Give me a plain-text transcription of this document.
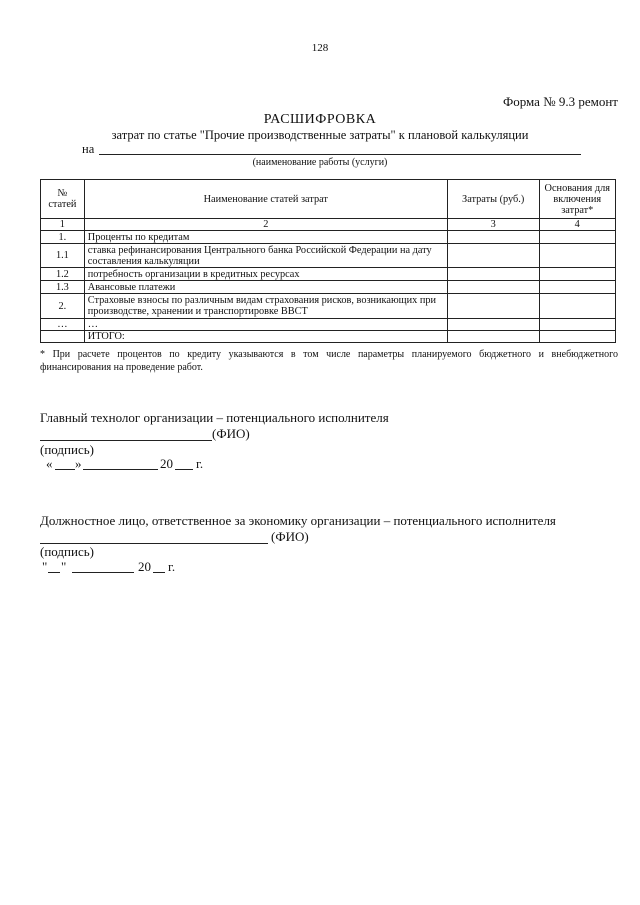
128
Форма № 9.3 ремонт
РАСШИФРОВКА
затрат по статье "Прочие производственные затраты" к плановой калькуляции
на
(наименование работы (услуги)
№ статей	Наименование статей затрат	Затраты (руб.)	Основания для включения затрат*
1	2	3	4
1.	Проценты по кредитам		
1.1	ставка рефинансирования Центрального банка Российской Федерации на дату составления калькуляции		
1.2	потребность организации в кредитных ресурсах		
1.3	Авансовые платежи		
2.	Страховые взносы по различным видам страхования рисков, возникающих при производстве, хранении и транспортировке ВВСТ		
…	…		
	ИТОГО:		
* При расчете процентов по кредиту указываются в том числе параметры планируемого бюджетного и внебюджетного финансирования на проведение работ.
Главный технолог организации – потенциального исполнителя
(ФИО)
(подпись)
« »	20 г.
Должностное лицо, ответственное за экономику организации – потенциального исполнителя
(ФИО)
(подпись)
" "	20 г.
